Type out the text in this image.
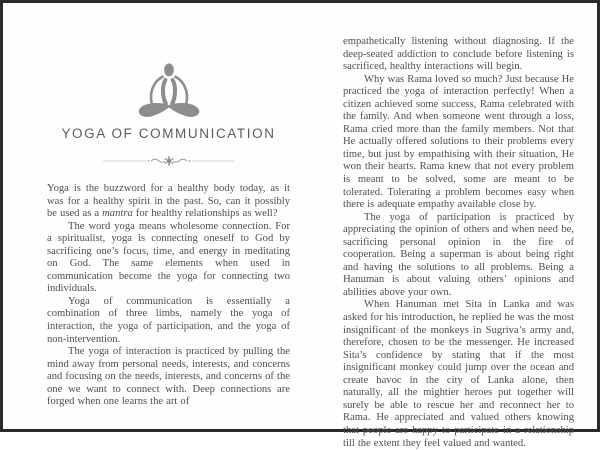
YOGA OF COMMUNICATION

Yoga is the buzzword for a healthy body today, as it was for a healthy spirit in the past. So, can it possibly be used as a mantra for healthy relationships as well?

The word yoga means wholesome connection. For a spiritualist, yoga is connecting oneself to God by sacrificing one’s focus, time, and energy in meditating on God. The same elements when used in communication become the yoga for connecting two individuals.

Yoga of communication is essentially a combination of three limbs, namely the yoga of interaction, the yoga of participation, and the yoga of non-intervention.

The yoga of interaction is practiced by pulling the mind away from personal needs, interests, and concerns and focusing on the needs, interests, and concerns of the one we want to connect with. Deep connections are forged when one learns the art of

empathetically listening without diagnosing. If the deep-seated addiction to conclude before listening is sacrificed, healthy interactions will begin.

Why was Rama loved so much? Just because He practiced the yoga of interaction perfectly! When a citizen achieved some success, Rama celebrated with the family. And when someone went through a loss, Rama cried more than the family members. Not that He actually offered solutions to their problems every time, but just by empathising with their situation, He won their hearts. Rama knew that not every problem is meant to be solved, some are meant to be tolerated. Tolerating a problem becomes easy when there is adequate empathy available close by.

The yoga of participation is practiced by appreciating the opinion of others and when need be, sacrificing personal opinion in the fire of cooperation. Being a superman is about being right and having the solutions to all problems. Being a Hanuman is about valuing others’ opinions and abilities above your own.

When Hanuman met Sita in Lanka and was asked for his introduction, he replied he was the most insignificant of the monkeys in Sugriva’s army and, therefore, chosen to be the messenger. He increased Sita’s confidence by stating that if the most insignificant monkey could jump over the ocean and create havoc in the city of Lanka alone, then naturally, all the mightier heroes put together will surely be able to rescue her and reconnect her to Rama. He appreciated and valued others knowing that people are happy to participate in a relationship till the extent they feel valued and wanted.
